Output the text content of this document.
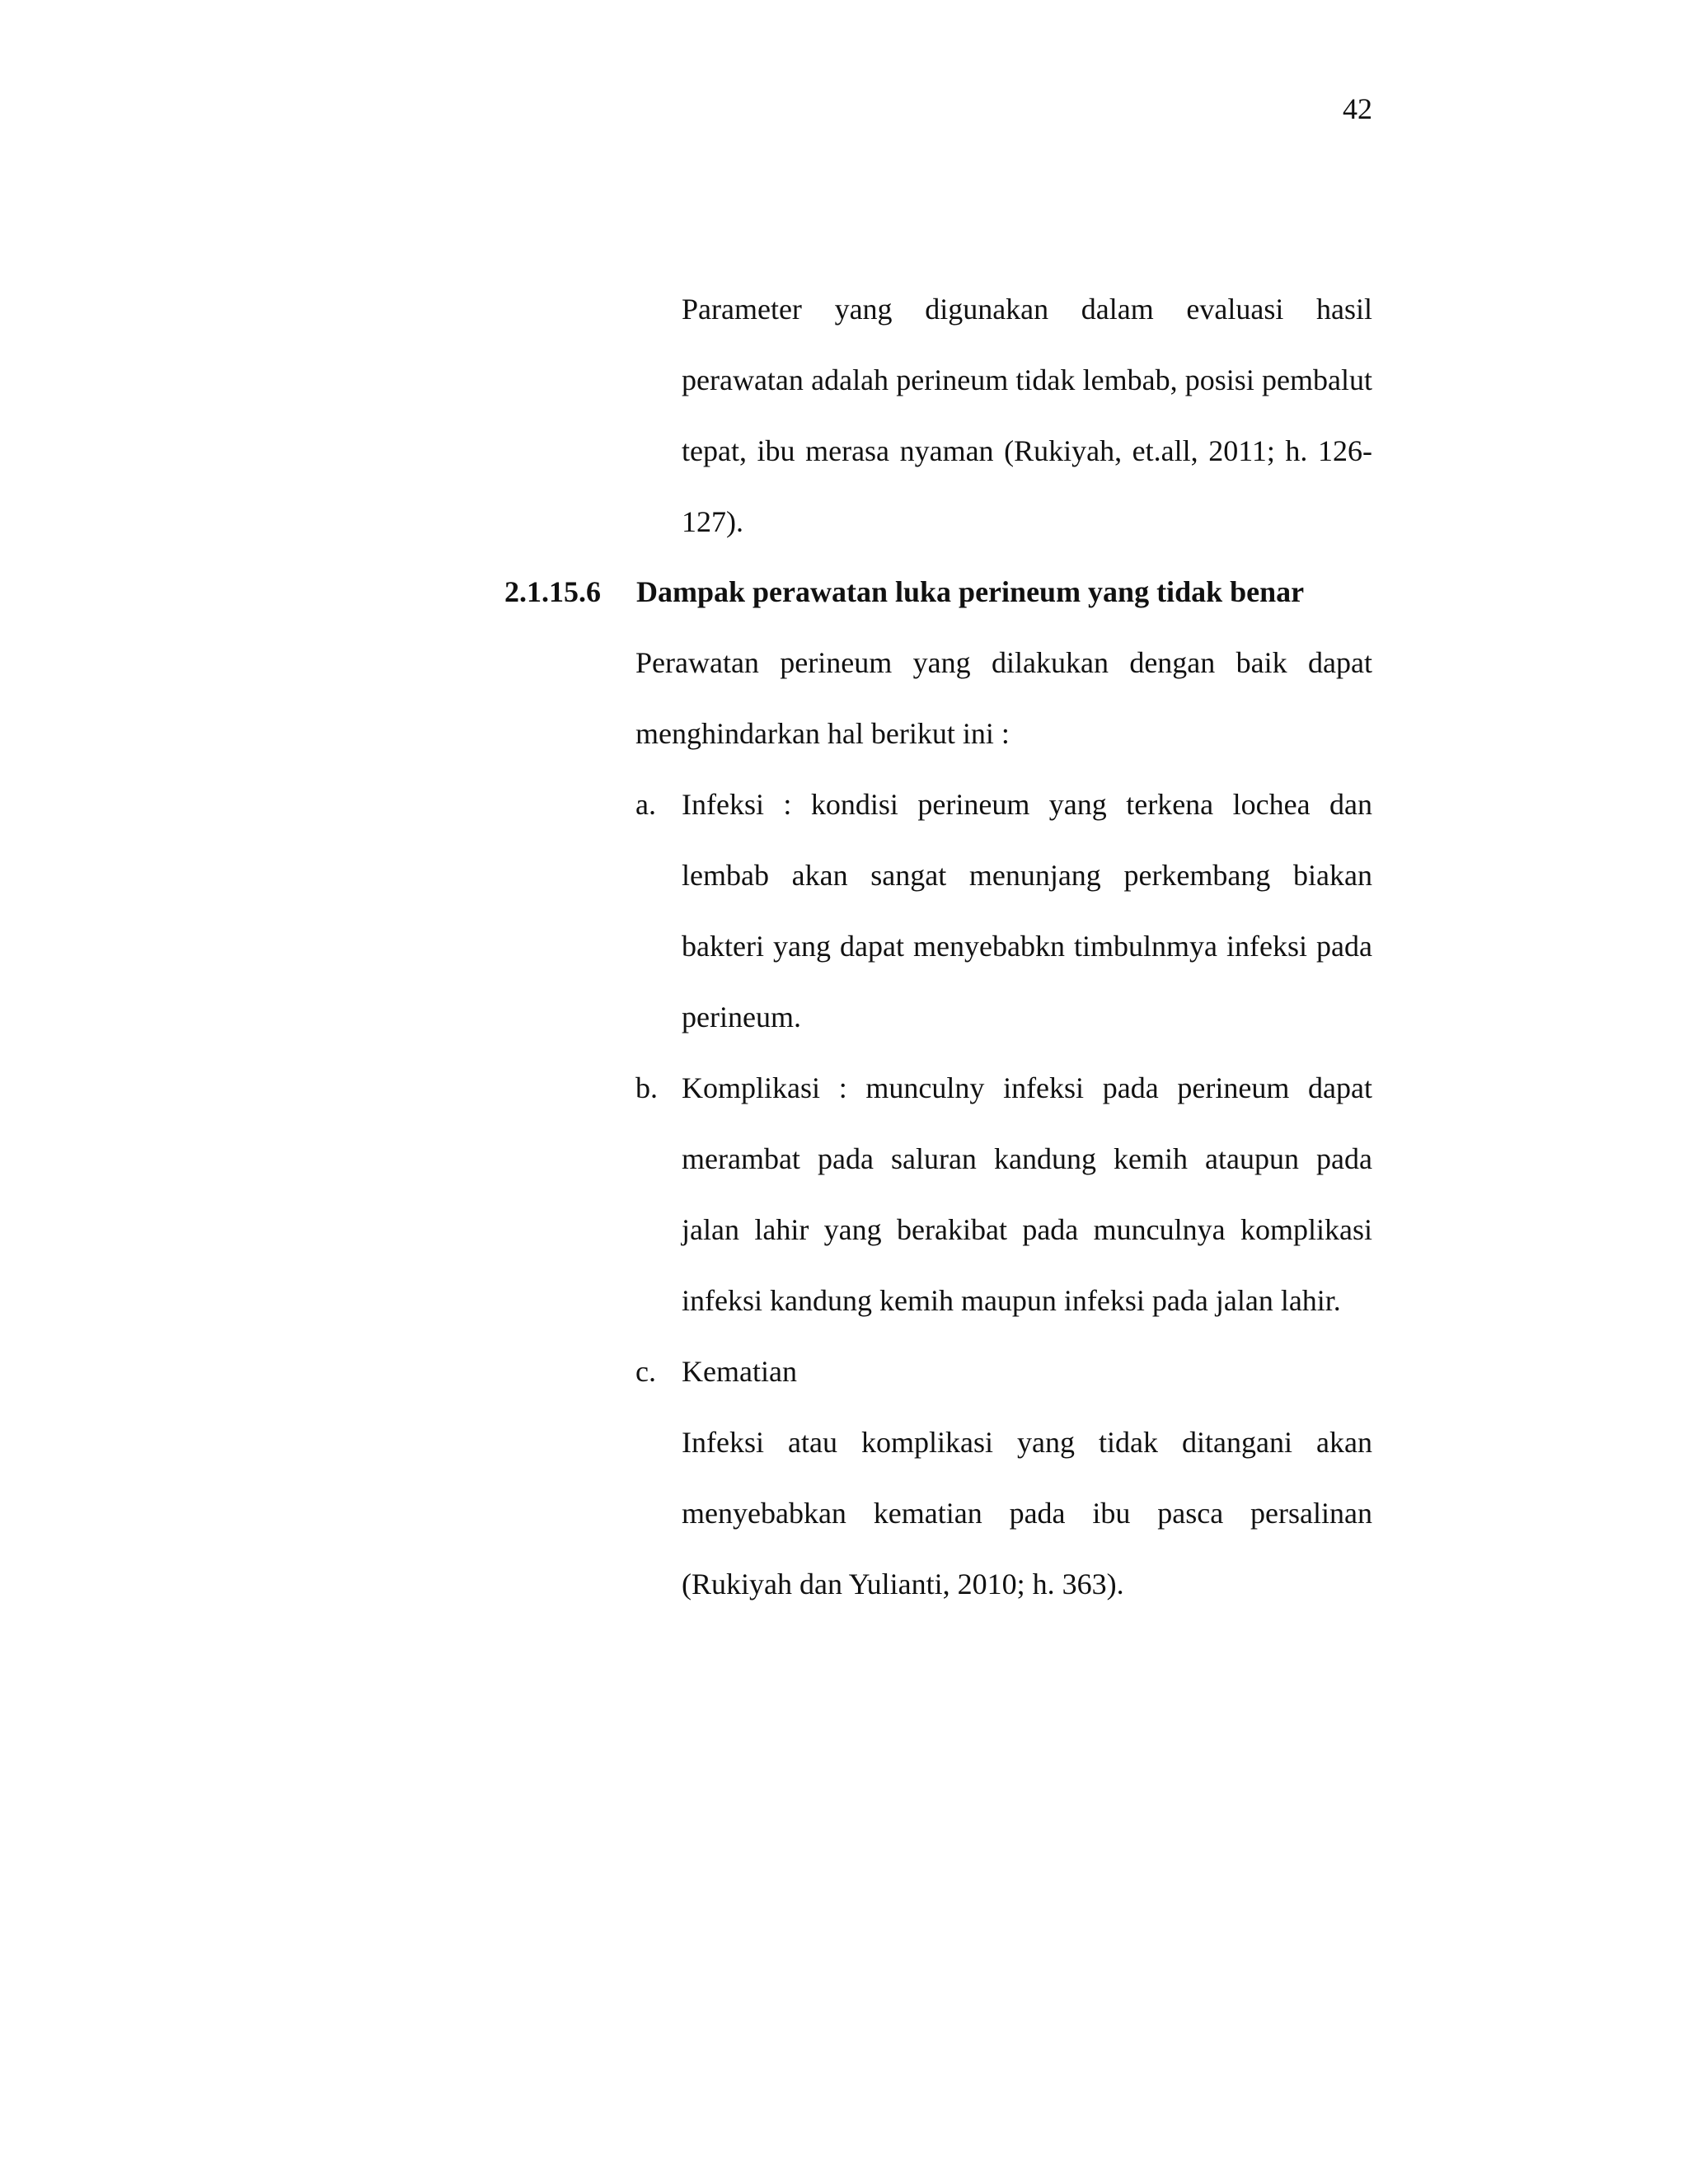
42
Parameter yang digunakan dalam evaluasi hasil perawatan adalah perineum tidak lembab, posisi pembalut tepat, ibu merasa nyaman (Rukiyah, et.all, 2011; h. 126-127).
2.1.15.6 Dampak perawatan luka perineum yang tidak benar
Perawatan perineum yang dilakukan dengan baik dapat menghindarkan hal berikut ini :
a. Infeksi : kondisi perineum yang terkena lochea dan lembab akan sangat menunjang perkembang biakan bakteri yang dapat menyebabkn timbulnmya infeksi pada perineum.
b. Komplikasi : munculny infeksi pada perineum dapat merambat pada saluran kandung kemih ataupun pada jalan lahir yang berakibat pada munculnya komplikasi infeksi kandung kemih maupun infeksi pada jalan lahir.
c. Kematian
Infeksi atau komplikasi yang tidak ditangani akan menyebabkan kematian pada ibu pasca persalinan (Rukiyah dan Yulianti, 2010; h. 363).
